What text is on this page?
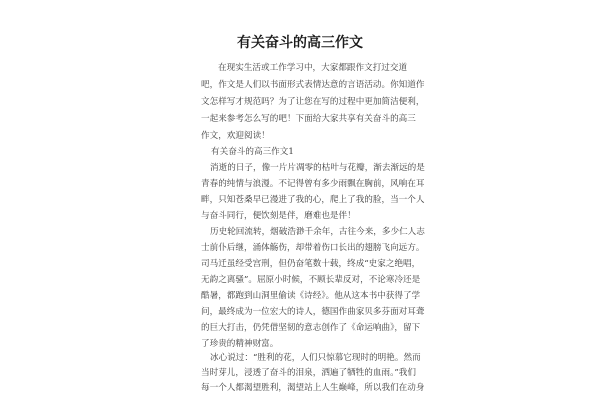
有关奋斗的高三作文
在现实生活或工作学习中，大家都跟作文打过交道
吧，作文是人们以书面形式表情达意的言语活动。你知道作
文怎样写才规范吗？为了让您在写的过程中更加简洁便利，
一起来参考怎么写的吧！下面给大家共享有关奋斗的高三
作文，欢迎阅读！
有关奋斗的高三作文1
消逝的日子，像一片片凋零的枯叶与花瓣，渐去渐远的是
青春的纯情与浪漫。不记得曾有多少雨飘在胸前，风响在耳
畔，只知苍桑早已漫进了我的心，爬上了我的脸，当一个人
与奋斗同行，便饮刻是伴，磨难也是伴！
历史轮回流转，烟破浩渺千余年，古往今来，多少仁人志
士前仆后继，涌体觞伤，却带着伤口长出的翅膀飞向远方。
司马迁虽经受宫刑，但仍奋笔数十载，终成“史家之绝唱，
无韵之离骚”。屈原小时候，不顾长辈反对，不论寒冷还是
酷暑，都跑到山洞里偷读《诗经》。他从这本书中获得了学
问，最终成为一位宏大的诗人，德国作曲家贝多芬面对耳聋
的巨大打击，仍凭借坚韧的意志创作了《命运响曲》，留下
了珍贵的精神财富。
冰心说过：“胜利的花，人们只惊慕它现时的明艳。然而
当时芽儿，浸透了奋斗的泪泉，洒遍了牺牲的血雨。”我们
每一个人都渴望胜利，渴望站上人生巅峰，所以我们在动身
